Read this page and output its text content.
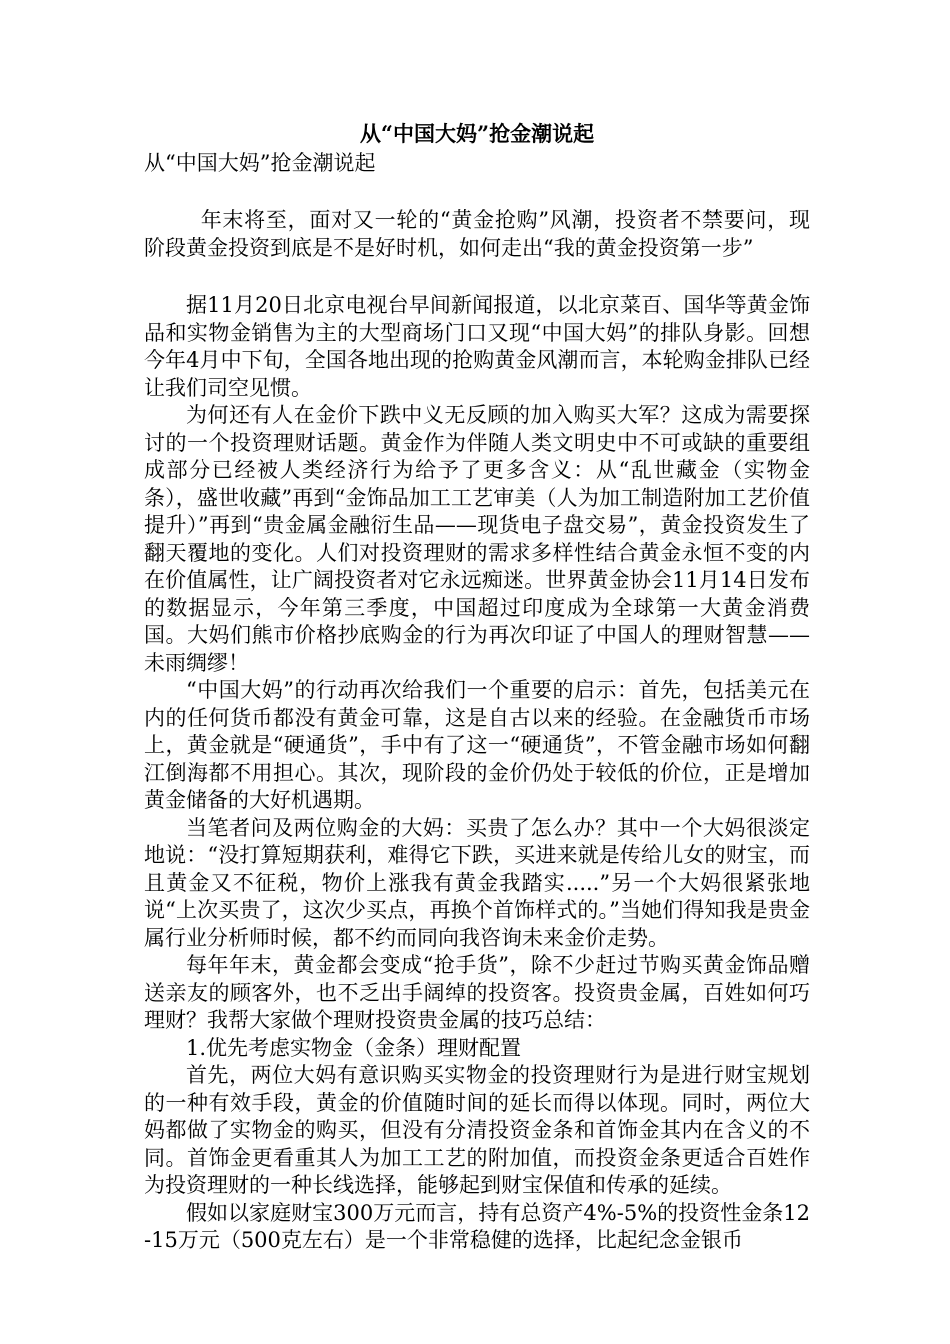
从“中国大妈”抢金潮说起

从“中国大妈”抢金潮说起

年末将至，面对又一轮的“黄金抢购”风潮，投资者不禁要问，现阶段黄金投资到底是不是好时机，如何走出“我的黄金投资第一步”

据11月20日北京电视台早间新闻报道，以北京菜百、国华等黄金饰品和实物金销售为主的大型商场门口又现“中国大妈”的排队身影。回想今年4月中下旬，全国各地出现的抢购黄金风潮而言，本轮购金排队已经让我们司空见惯。

为何还有人在金价下跌中义无反顾的加入购买大军？这成为需要探讨的一个投资理财话题。黄金作为伴随人类文明史中不可或缺的重要组成部分已经被人类经济行为给予了更多含义：从“乱世藏金（实物金条），盛世收藏”再到“金饰品加工工艺审美（人为加工制造附加工艺价值提升）”再到“贵金属金融衍生品——现货电子盘交易”，黄金投资发生了翻天覆地的变化。人们对投资理财的需求多样性结合黄金永恒不变的内在价值属性，让广阔投资者对它永远痴迷。世界黄金协会11月14日发布的数据显示，今年第三季度，中国超过印度成为全球第一大黄金消费国。大妈们熊市价格抄底购金的行为再次印证了中国人的理财智慧——未雨绸缪！

“中国大妈”的行动再次给我们一个重要的启示：首先，包括美元在内的任何货币都没有黄金可靠，这是自古以来的经验。在金融货币市场上，黄金就是“硬通货”，手中有了这一“硬通货”，不管金融市场如何翻江倒海都不用担心。其次，现阶段的金价仍处于较低的价位，正是增加黄金储备的大好机遇期。

当笔者问及两位购金的大妈：买贵了怎么办？其中一个大妈很淡定地说：“没打算短期获利，难得它下跌，买进来就是传给儿女的财宝，而且黄金又不征税，物价上涨我有黄金我踏实.....”另一个大妈很紧张地说“上次买贵了，这次少买点，再换个首饰样式的。”当她们得知我是贵金属行业分析师时候，都不约而同向我咨询未来金价走势。

每年年末，黄金都会变成“抢手货”，除不少赶过节购买黄金饰品赠送亲友的顾客外，也不乏出手阔绰的投资客。投资贵金属，百姓如何巧理财？我帮大家做个理财投资贵金属的技巧总结：

1.优先考虑实物金（金条）理财配置

首先，两位大妈有意识购买实物金的投资理财行为是进行财宝规划的一种有效手段，黄金的价值随时间的延长而得以体现。同时，两位大妈都做了实物金的购买，但没有分清投资金条和首饰金其内在含义的不同。首饰金更看重其人为加工工艺的附加值，而投资金条更适合百姓作为投资理财的一种长线选择，能够起到财宝保值和传承的延续。

假如以家庭财宝300万元而言，持有总资产4%-5%的投资性金条12-15万元（500克左右）是一个非常稳健的选择，比起纪念金银币
